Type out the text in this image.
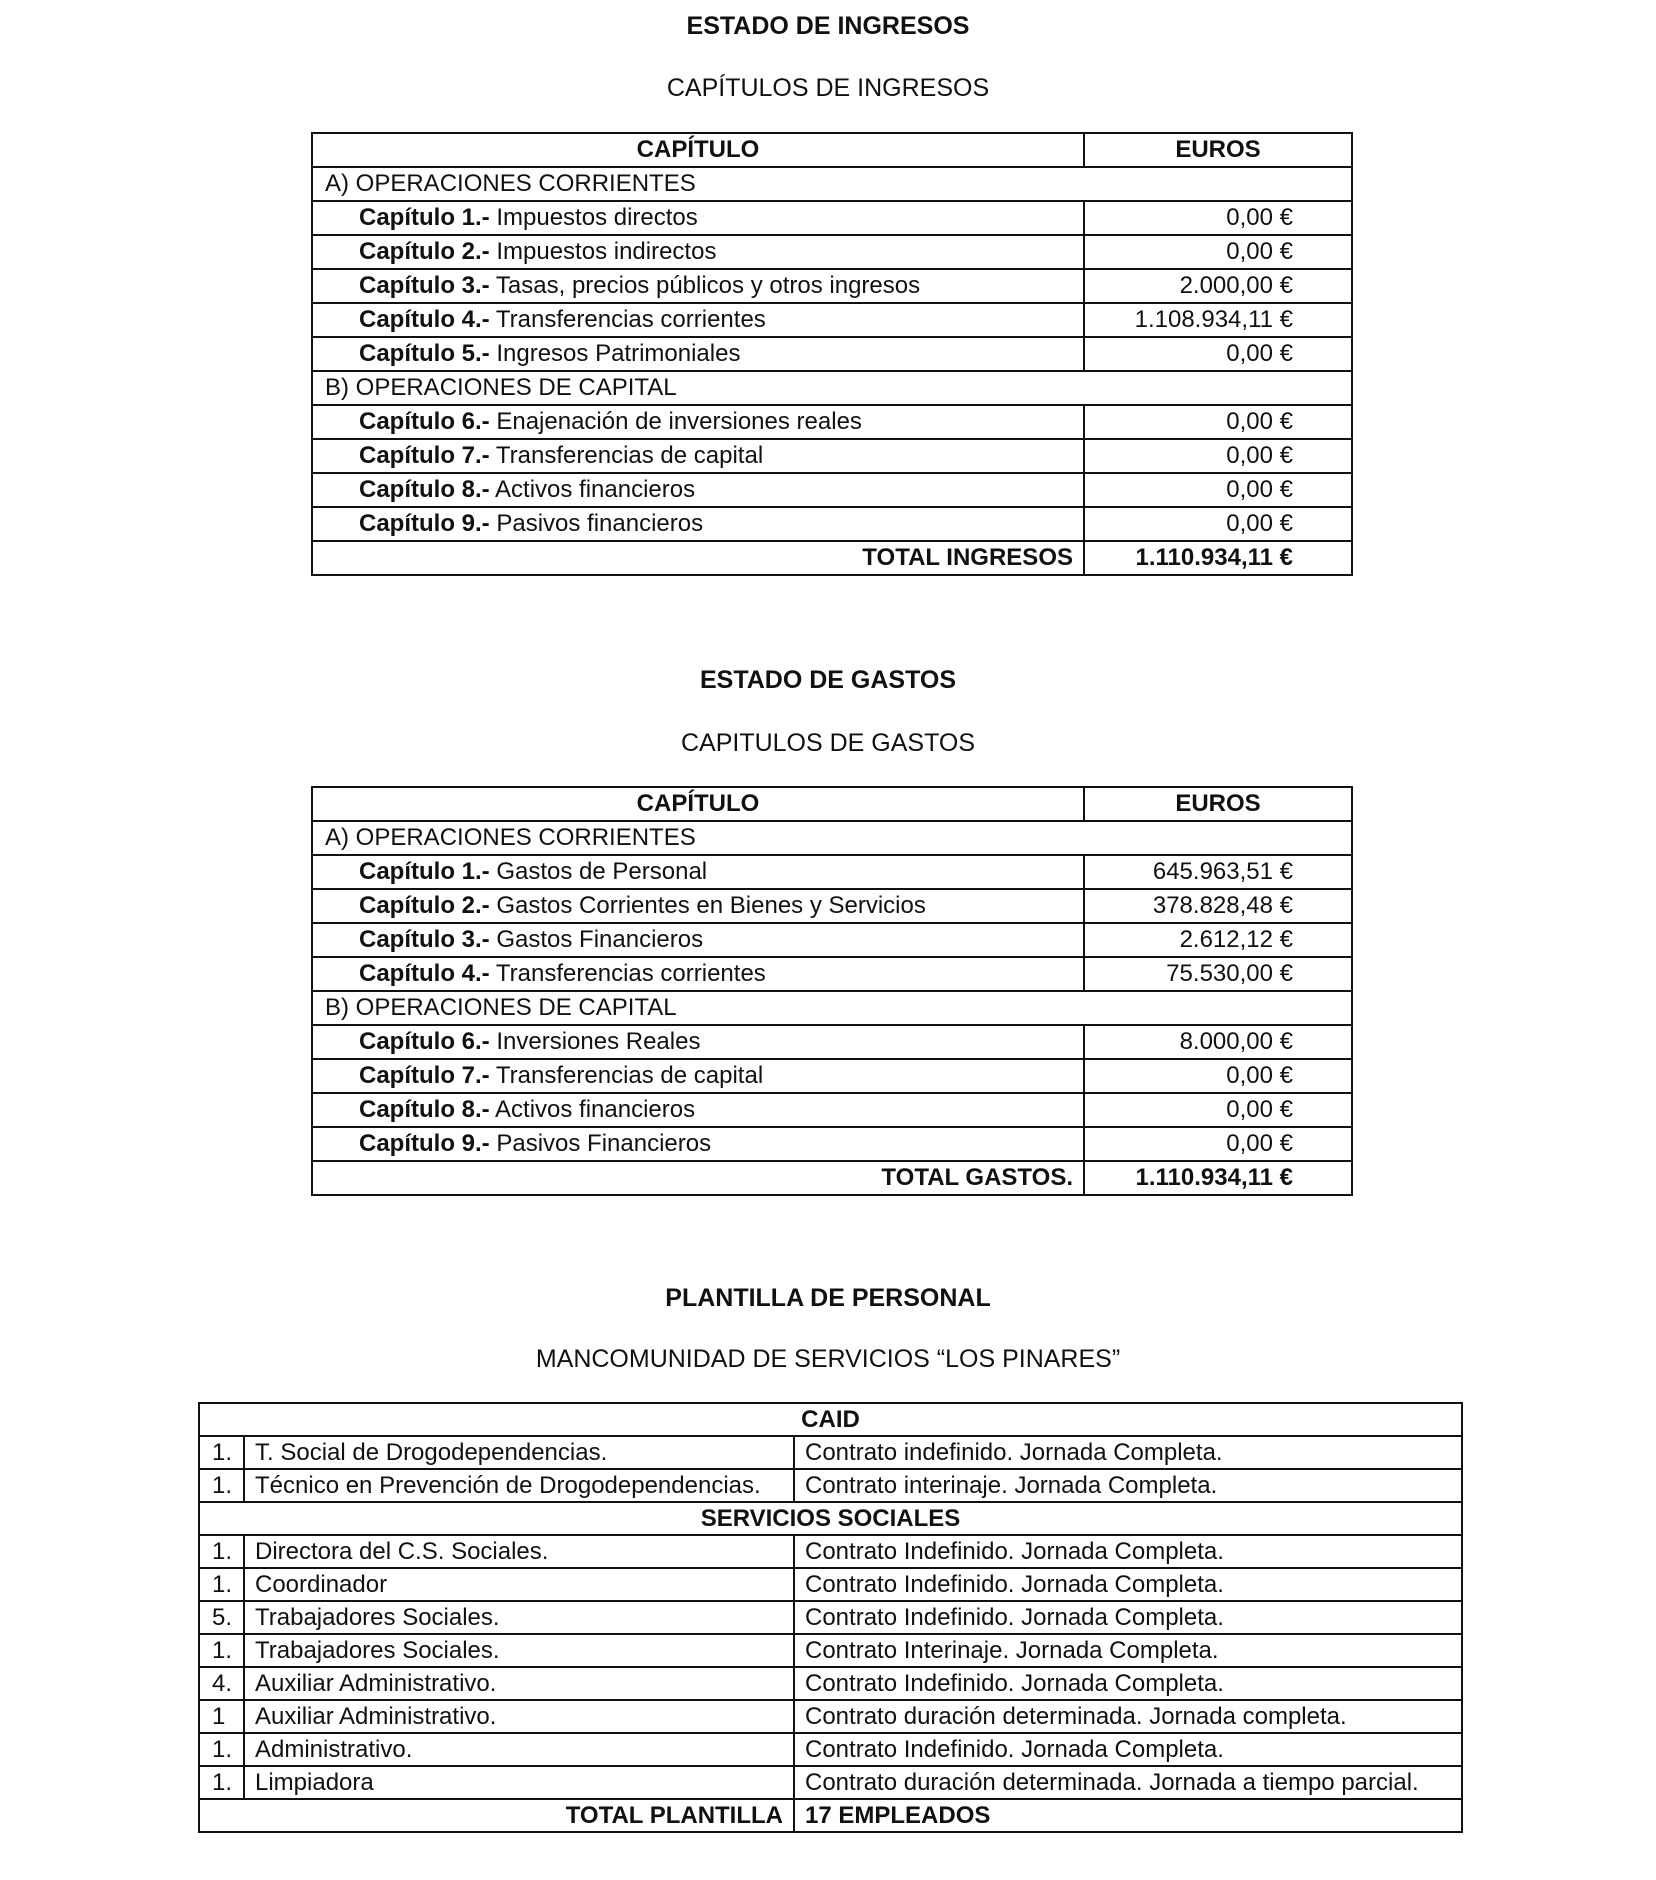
ESTADO DE INGRESOS

CAPÍTULOS DE INGRESOS

CAPÍTULO	EUROS
A) OPERACIONES CORRIENTES	
Capítulo 1.- Impuestos directos	0,00 €
Capítulo 2.- Impuestos indirectos	0,00 €
Capítulo 3.- Tasas, precios públicos y otros ingresos	2.000,00 €
Capítulo 4.- Transferencias corrientes	1.108.934,11 €
Capítulo 5.- Ingresos Patrimoniales	0,00 €
B) OPERACIONES DE CAPITAL	
Capítulo 6.- Enajenación de inversiones reales	0,00 €
Capítulo 7.- Transferencias de capital	0,00 €
Capítulo 8.- Activos financieros	0,00 €
Capítulo 9.- Pasivos financieros	0,00 €
TOTAL INGRESOS	1.110.934,11 €
ESTADO DE GASTOS

CAPITULOS DE GASTOS

CAPÍTULO	EUROS
A) OPERACIONES CORRIENTES	
Capítulo 1.- Gastos de Personal	645.963,51 €
Capítulo 2.- Gastos Corrientes en Bienes y Servicios	378.828,48 €
Capítulo 3.- Gastos Financieros	2.612,12 €
Capítulo 4.- Transferencias corrientes	75.530,00 €
B) OPERACIONES DE CAPITAL	
Capítulo 6.- Inversiones Reales	8.000,00 €
Capítulo 7.- Transferencias de capital	0,00 €
Capítulo 8.- Activos financieros	0,00 €
Capítulo 9.- Pasivos Financieros	0,00 €
TOTAL GASTOS.	1.110.934,11 €
PLANTILLA DE PERSONAL

MANCOMUNIDAD DE SERVICIOS “LOS PINARES”

CAID		
1.	T. Social de Drogodependencias.	Contrato indefinido. Jornada Completa.
1.	Técnico en Prevención de Drogodependencias.	Contrato interinaje. Jornada Completa.
SERVICIOS SOCIALES		
1.	Directora del C.S. Sociales.	Contrato Indefinido. Jornada Completa.
1.	Coordinador	Contrato Indefinido. Jornada Completa.
5.	Trabajadores Sociales.	Contrato Indefinido. Jornada Completa.
1.	Trabajadores Sociales.	Contrato Interinaje. Jornada Completa.
4.	Auxiliar Administrativo.	Contrato Indefinido. Jornada Completa.
1	Auxiliar Administrativo.	Contrato duración determinada. Jornada completa.
1.	Administrativo.	Contrato Indefinido. Jornada Completa.
1.	Limpiadora	Contrato duración determinada. Jornada a tiempo parcial.
TOTAL PLANTILLA		17 EMPLEADOS
